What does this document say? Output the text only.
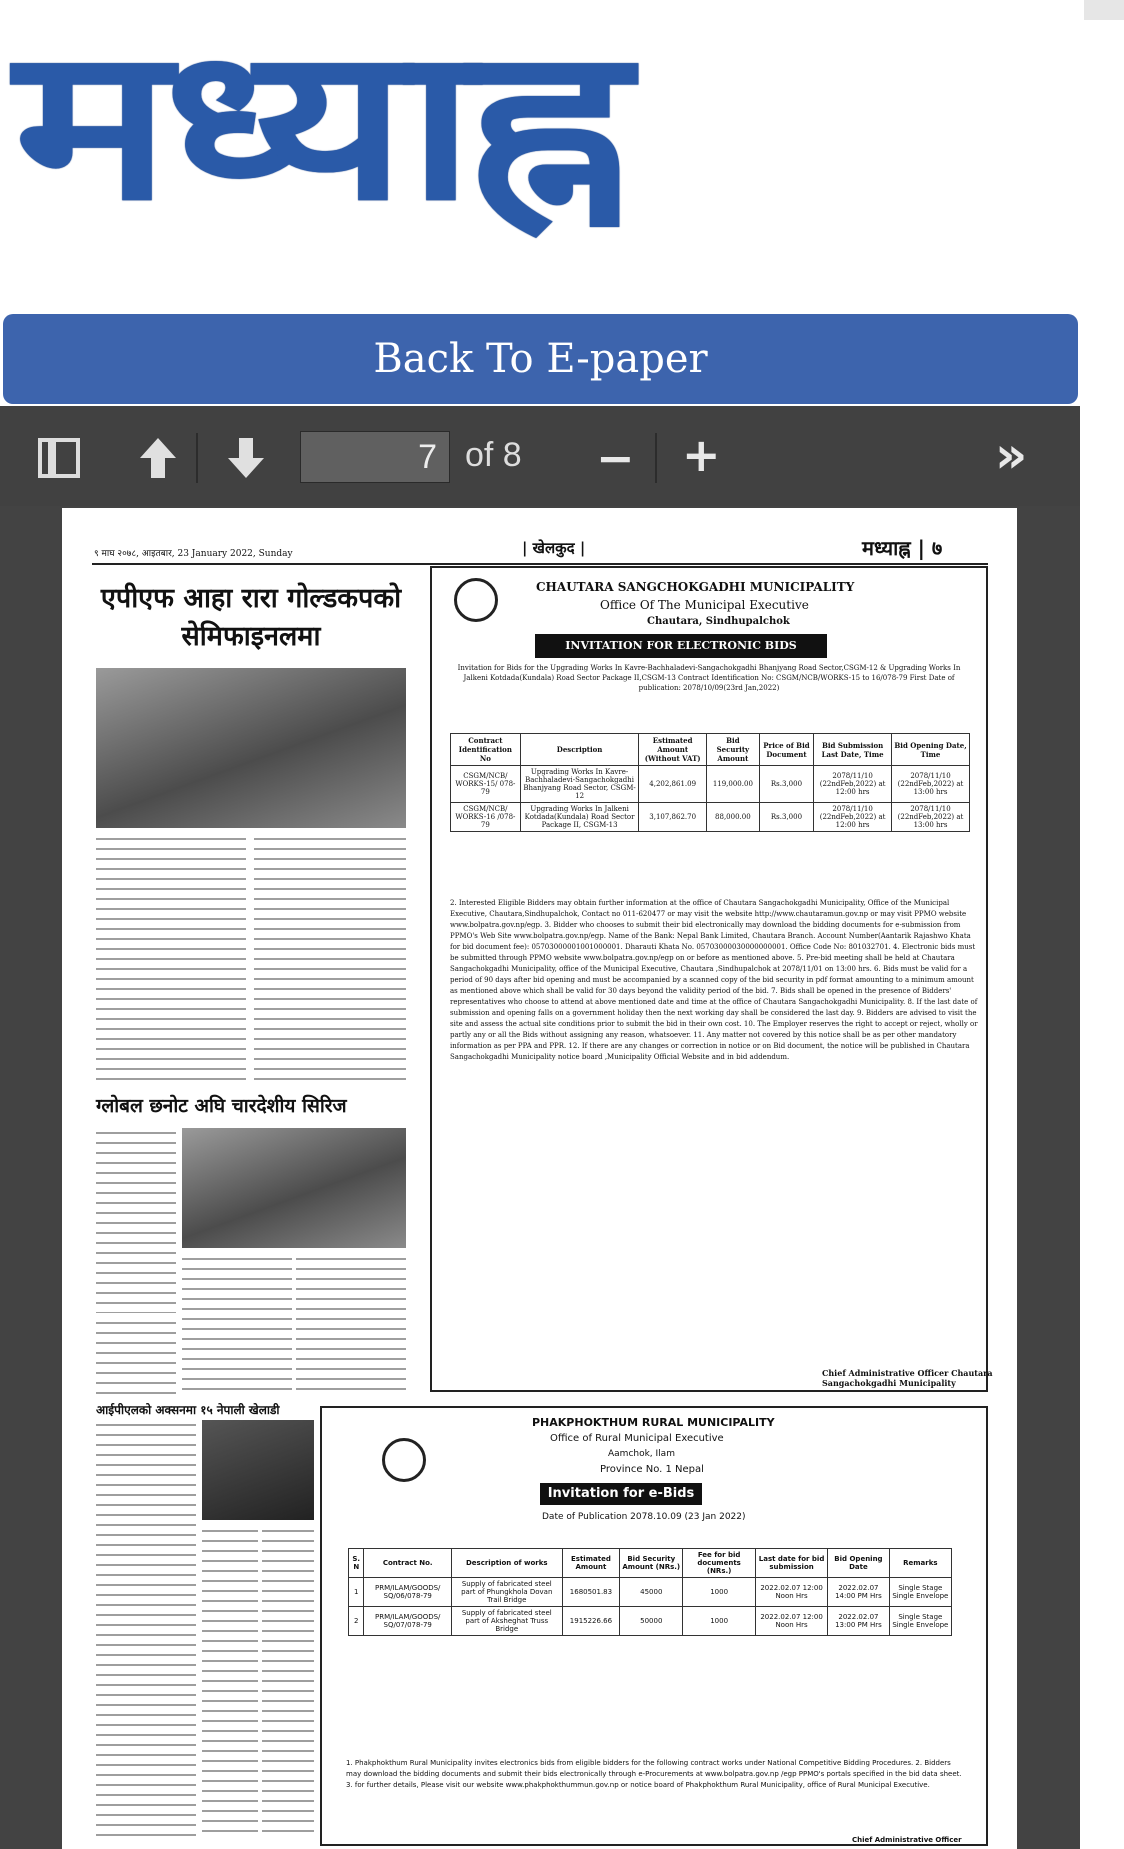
मध्याह्न
Back To E-paper
7
of 8 − +	»
९ माघ २०७८, आइतबार, 23 January 2022, Sunday	| खेलकुद |	मध्याह्न | ७
एपीएफ आहा रारा गोल्डकपको सेमिफाइनलमा
ग्लोबल छनोट अघि चारदेशीय सिरिज
आईपीएलको अक्सनमा १५ नेपाली खेलाडी
CHAUTARA SANGCHOKGADHI MUNICIPALITY
Office Of The Municipal Executive
Chautara, Sindhupalchok
INVITATION FOR ELECTRONIC BIDS
Invitation for Bids for the Upgrading Works In Kavre-Bachhaladevi-Sangachokgadhi Bhanjyang Road Sector,CSGM-12 & Upgrading Works In Jalkeni Kotdada(Kundala) Road Sector Package II,CSGM-13 Contract Identification No: CSGM/NCB/WORKS-15 to 16/078-79 First Date of publication: 2078/10/09(23rd Jan,2022)
Contract Identification No	Description	Estimated Amount (Without VAT)	Bid Security Amount	Price of Bid Document	Bid Submission Last Date, Time	Bid Opening Date, Time
CSGM/NCB/ WORKS-15/ 078-79	Upgrading Works In Kavre-Bachhaladevi-Sangachokgadhi Bhanjyang Road Sector, CSGM-12	4,202,861.09	119,000.00	Rs.3,000	2078/11/10 (22ndFeb,2022) at 12:00 hrs	2078/11/10 (22ndFeb,2022) at 13:00 hrs
CSGM/NCB/ WORKS-16 /078-79	Upgrading Works In Jalkeni Kotdada(Kundala) Road Sector Package II, CSGM-13	3,107,862.70	88,000.00	Rs.3,000	2078/11/10 (22ndFeb,2022) at 12:00 hrs	2078/11/10 (22ndFeb,2022) at 13:00 hrs
2. Interested Eligible Bidders may obtain further information at the office of Chautara Sangachokgadhi Municipality, Office of the Municipal Executive, Chautara,Sindhupalchok, Contact no 011-620477 or may visit the website http://www.chautaramun.gov.np or may visit PPMO website www.bolpatra.gov.np/egp. 3. Bidder who chooses to submit their bid electronically may download the bidding documents for e-submission from PPMO's Web Site www.bolpatra.gov.np/egp. Name of the Bank: Nepal Bank Limited, Chautara Branch. Account Number(Aantarik Rajashwo Khata for bid document fee): 05703000001001000001. Dharauti Khata No. 05703000030000000001. Office Code No: 801032701. 4. Electronic bids must be submitted through PPMO website www.bolpatra.gov.np/egp on or before as mentioned above. 5. Pre-bid meeting shall be held at Chautara Sangachokgadhi Municipality, office of the Municipal Executive, Chautara ,Sindhupalchok at 2078/11/01 on 13:00 hrs. 6. Bids must be valid for a period of 90 days after bid opening and must be accompanied by a scanned copy of the bid security in pdf format amounting to a minimum amount as mentioned above which shall be valid for 30 days beyond the validity period of the bid. 7. Bids shall be opened in the presence of Bidders' representatives who choose to attend at above mentioned date and time at the office of Chautara Sangachokgadhi Municipality. 8. If the last date of submission and opening falls on a government holiday then the next working day shall be considered the last day. 9. Bidders are advised to visit the site and assess the actual site conditions prior to submit the bid in their own cost. 10. The Employer reserves the right to accept or reject, wholly or partly any or all the Bids without assigning any reason, whatsoever. 11. Any matter not covered by this notice shall be as per other mandatory information as per PPA and PPR. 12. If there are any changes or correction in notice or on Bid document, the notice will be published in Chautara Sangachokgadhi Municipality notice board ,Municipality Official Website and in bid addendum.
Chief Administrative Officer Chautara Sangachokgadhi Municipality
PHAKPHOKTHUM RURAL MUNICIPALITY
Office of Rural Municipal Executive
Aamchok, Ilam
Province No. 1 Nepal
Invitation for e-Bids
Date of Publication 2078.10.09 (23 Jan 2022)
S. N	Contract No.	Description of works	Estimated Amount	Bid Security Amount (NRs.)	Fee for bid documents (NRs.)	Last date for bid submission	Bid Opening Date	Remarks
1	PRM/ILAM/GOODS/ SQ/06/078-79	Supply of fabricated steel part of Phungkhola Dovan Trail Bridge	1680501.83	45000	1000	2022.02.07 12:00 Noon Hrs	2022.02.07 14:00 PM Hrs	Single Stage Single Envelope
2	PRM/ILAM/GOODS/ SQ/07/078-79	Supply of fabricated steel part of Aksheghat Truss Bridge	1915226.66	50000	1000	2022.02.07 12:00 Noon Hrs	2022.02.07 13:00 PM Hrs	Single Stage Single Envelope
1. Phakphokthum Rural Municipality invites electronics bids from eligible bidders for the following contract works under National Competitive Bidding Procedures. 2. Bidders may download the bidding documents and submit their bids electronically through e-Procurements at www.bolpatra.gov.np /egp PPMO's portals specified in the bid data sheet. 3. for further details, Please visit our website www.phakphokthummun.gov.np or notice board of Phakphokthum Rural Municipality, office of Rural Municipal Executive.
Chief Administrative Officer
